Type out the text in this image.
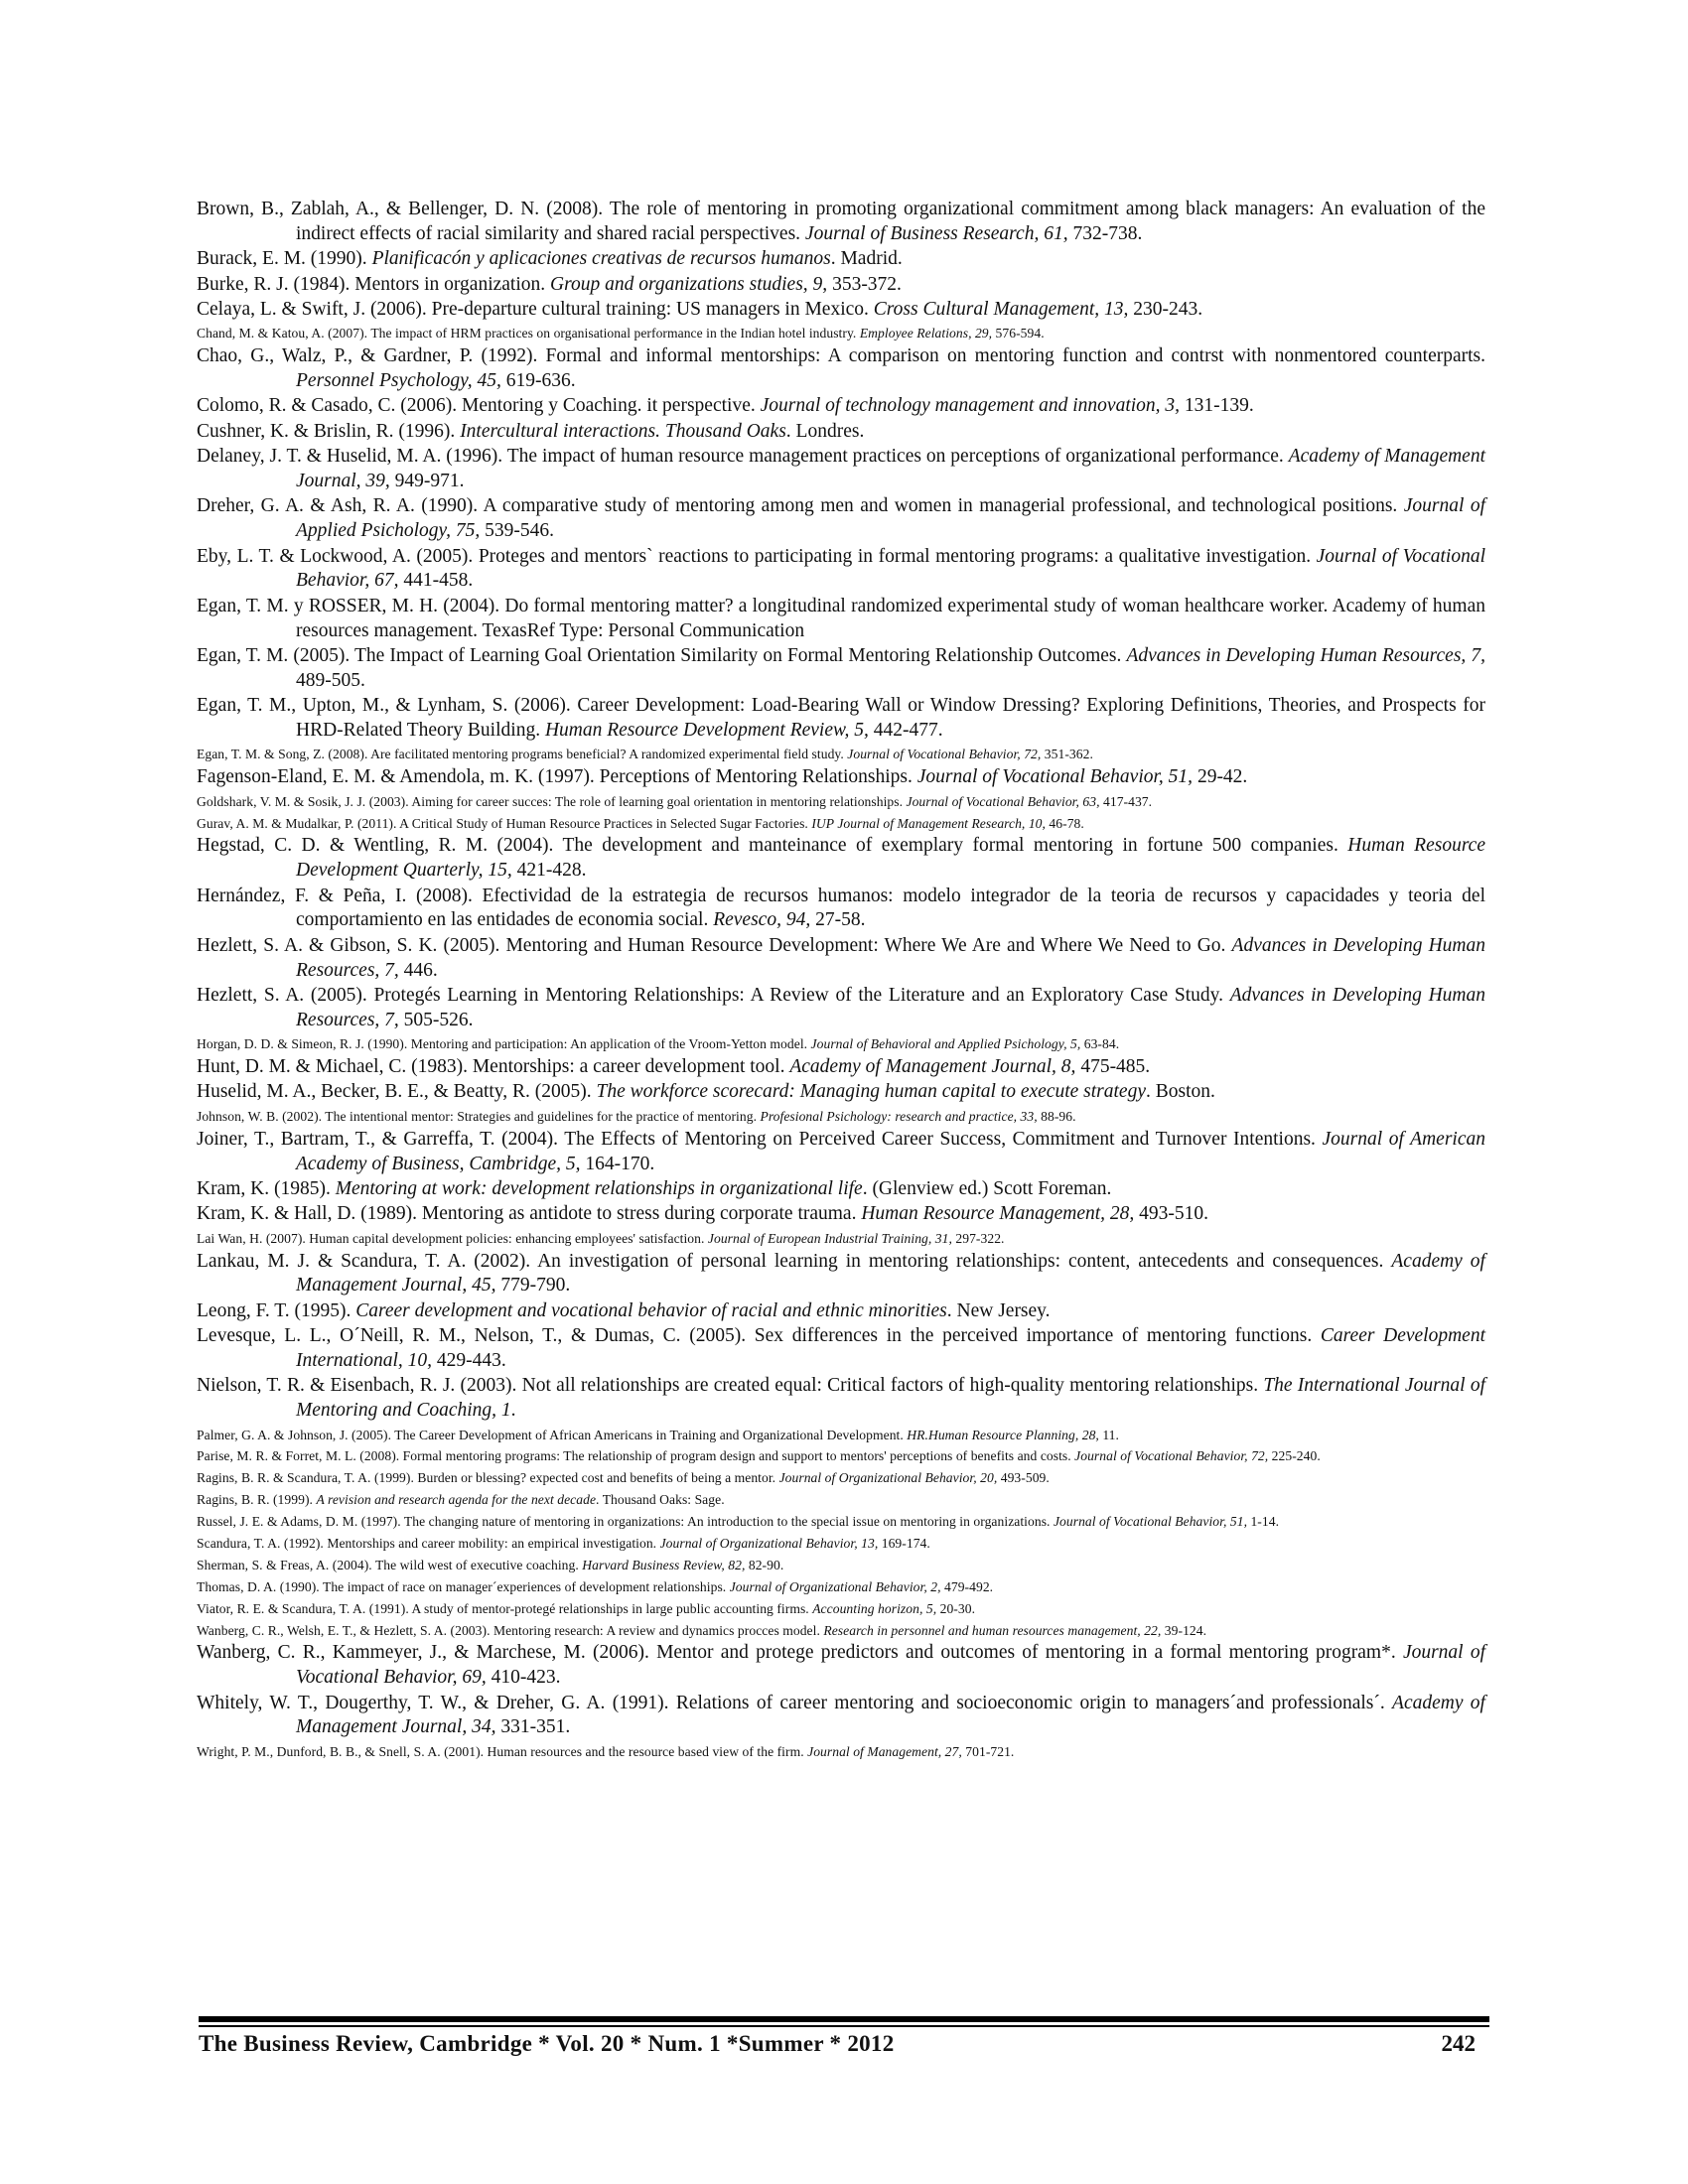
Brown, B., Zablah, A., & Bellenger, D. N. (2008). The role of mentoring in promoting organizational commitment among black managers: An evaluation of the indirect effects of racial similarity and shared racial perspectives. Journal of Business Research, 61, 732-738.

Burack, E. M. (1990). Planificacón y aplicaciones creativas de recursos humanos. Madrid.

Burke, R. J. (1984). Mentors in organization. Group and organizations studies, 9, 353-372.

Celaya, L. & Swift, J. (2006). Pre-departure cultural training: US managers in Mexico. Cross Cultural Management, 13, 230-243.

Chand, M. & Katou, A. (2007). The impact of HRM practices on organisational performance in the Indian hotel industry. Employee Relations, 29, 576-594.

Chao, G., Walz, P., & Gardner, P. (1992). Formal and informal mentorships: A comparison on mentoring function and contrst with nonmentored counterparts. Personnel Psychology, 45, 619-636.

Colomo, R. & Casado, C. (2006). Mentoring y Coaching. it perspective. Journal of technology management and innovation, 3, 131-139.

Cushner, K. & Brislin, R. (1996). Intercultural interactions. Thousand Oaks. Londres.

Delaney, J. T. & Huselid, M. A. (1996). The impact of human resource management practices on perceptions of organizational performance. Academy of Management Journal, 39, 949-971.

Dreher, G. A. & Ash, R. A. (1990). A comparative study of mentoring among men and women in managerial professional, and technological positions. Journal of Applied Psichology, 75, 539-546.

Eby, L. T. & Lockwood, A. (2005). Proteges and mentors` reactions to participating in formal mentoring programs: a qualitative investigation. Journal of Vocational Behavior, 67, 441-458.

Egan, T. M. y ROSSER, M. H. (2004). Do formal mentoring matter? a longitudinal randomized experimental study of woman healthcare worker. Academy of human resources management. TexasRef Type: Personal Communication

Egan, T. M. (2005). The Impact of Learning Goal Orientation Similarity on Formal Mentoring Relationship Outcomes. Advances in Developing Human Resources, 7, 489-505.

Egan, T. M., Upton, M., & Lynham, S. (2006). Career Development: Load-Bearing Wall or Window Dressing? Exploring Definitions, Theories, and Prospects for HRD-Related Theory Building. Human Resource Development Review, 5, 442-477.

Egan, T. M. & Song, Z. (2008). Are facilitated mentoring programs beneficial? A randomized experimental field study. Journal of Vocational Behavior, 72, 351-362.

Fagenson-Eland, E. M. & Amendola, m. K. (1997). Perceptions of Mentoring Relationships. Journal of Vocational Behavior, 51, 29-42.

Goldshark, V. M. & Sosik, J. J. (2003). Aiming for career succes: The role of learning goal orientation in mentoring relationships. Journal of Vocational Behavior, 63, 417-437.

Gurav, A. M. & Mudalkar, P. (2011). A Critical Study of Human Resource Practices in Selected Sugar Factories. IUP Journal of Management Research, 10, 46-78.

Hegstad, C. D. & Wentling, R. M. (2004). The development and manteinance of exemplary formal mentoring in fortune 500 companies. Human Resource Development Quarterly, 15, 421-428.

Hernández, F. & Peña, I. (2008). Efectividad de la estrategia de recursos humanos: modelo integrador de la teoria de recursos y capacidades y teoria del comportamiento en las entidades de economia social. Revesco, 94, 27-58.

Hezlett, S. A. & Gibson, S. K. (2005). Mentoring and Human Resource Development: Where We Are and Where We Need to Go. Advances in Developing Human Resources, 7, 446.

Hezlett, S. A. (2005). Protegés Learning in Mentoring Relationships: A Review of the Literature and an Exploratory Case Study. Advances in Developing Human Resources, 7, 505-526.

Horgan, D. D. & Simeon, R. J. (1990). Mentoring and participation: An application of the Vroom-Yetton model. Journal of Behavioral and Applied Psichology, 5, 63-84.

Hunt, D. M. & Michael, C. (1983). Mentorships: a career development tool. Academy of Management Journal, 8, 475-485.

Huselid, M. A., Becker, B. E., & Beatty, R. (2005). The workforce scorecard: Managing human capital to execute strategy. Boston.

Johnson, W. B. (2002). The intentional mentor: Strategies and guidelines for the practice of mentoring. Profesional Psichology: research and practice, 33, 88-96.

Joiner, T., Bartram, T., & Garreffa, T. (2004). The Effects of Mentoring on Perceived Career Success, Commitment and Turnover Intentions. Journal of American Academy of Business, Cambridge, 5, 164-170.

Kram, K. (1985). Mentoring at work: development relationships in organizational life. (Glenview ed.) Scott Foreman.

Kram, K. & Hall, D. (1989). Mentoring as antidote to stress during corporate trauma. Human Resource Management, 28, 493-510.

Lai Wan, H. (2007). Human capital development policies: enhancing employees' satisfaction. Journal of European Industrial Training, 31, 297-322.

Lankau, M. J. & Scandura, T. A. (2002). An investigation of personal learning in mentoring relationships: content, antecedents and consequences. Academy of Management Journal, 45, 779-790.

Leong, F. T. (1995). Career development and vocational behavior of racial and ethnic minorities. New Jersey.

Levesque, L. L., O´Neill, R. M., Nelson, T., & Dumas, C. (2005). Sex differences in the perceived importance of mentoring functions. Career Development International, 10, 429-443.

Nielson, T. R. & Eisenbach, R. J. (2003). Not all relationships are created equal: Critical factors of high-quality mentoring relationships. The International Journal of Mentoring and Coaching, 1.

Palmer, G. A. & Johnson, J. (2005). The Career Development of African Americans in Training and Organizational Development. HR.Human Resource Planning, 28, 11.

Parise, M. R. & Forret, M. L. (2008). Formal mentoring programs: The relationship of program design and support to mentors' perceptions of benefits and costs. Journal of Vocational Behavior, 72, 225-240.

Ragins, B. R. & Scandura, T. A. (1999). Burden or blessing? expected cost and benefits of being a mentor. Journal of Organizational Behavior, 20, 493-509.

Ragins, B. R. (1999). A revision and research agenda for the next decade. Thousand Oaks: Sage.

Russel, J. E. & Adams, D. M. (1997). The changing nature of mentoring in organizations: An introduction to the special issue on mentoring in organizations. Journal of Vocational Behavior, 51, 1-14.

Scandura, T. A. (1992). Mentorships and career mobility: an empirical investigation. Journal of Organizational Behavior, 13, 169-174.

Sherman, S. & Freas, A. (2004). The wild west of executive coaching. Harvard Business Review, 82, 82-90.

Thomas, D. A. (1990). The impact of race on manager´experiences of development relationships. Journal of Organizational Behavior, 2, 479-492.

Viator, R. E. & Scandura, T. A. (1991). A study of mentor-protegé relationships in large public accounting firms. Accounting horizon, 5, 20-30.

Wanberg, C. R., Welsh, E. T., & Hezlett, S. A. (2003). Mentoring research: A review and dynamics procces model. Research in personnel and human resources management, 22, 39-124.

Wanberg, C. R., Kammeyer, J., & Marchese, M. (2006). Mentor and protege predictors and outcomes of mentoring in a formal mentoring program*. Journal of Vocational Behavior, 69, 410-423.

Whitely, W. T., Dougerthy, T. W., & Dreher, G. A. (1991). Relations of career mentoring and socioeconomic origin to managers´and professionals´. Academy of Management Journal, 34, 331-351.

Wright, P. M., Dunford, B. B., & Snell, S. A. (2001). Human resources and the resource based view of the firm. Journal of Management, 27, 701-721.

The Business Review, Cambridge * Vol. 20 * Num. 1 *Summer * 2012	242
